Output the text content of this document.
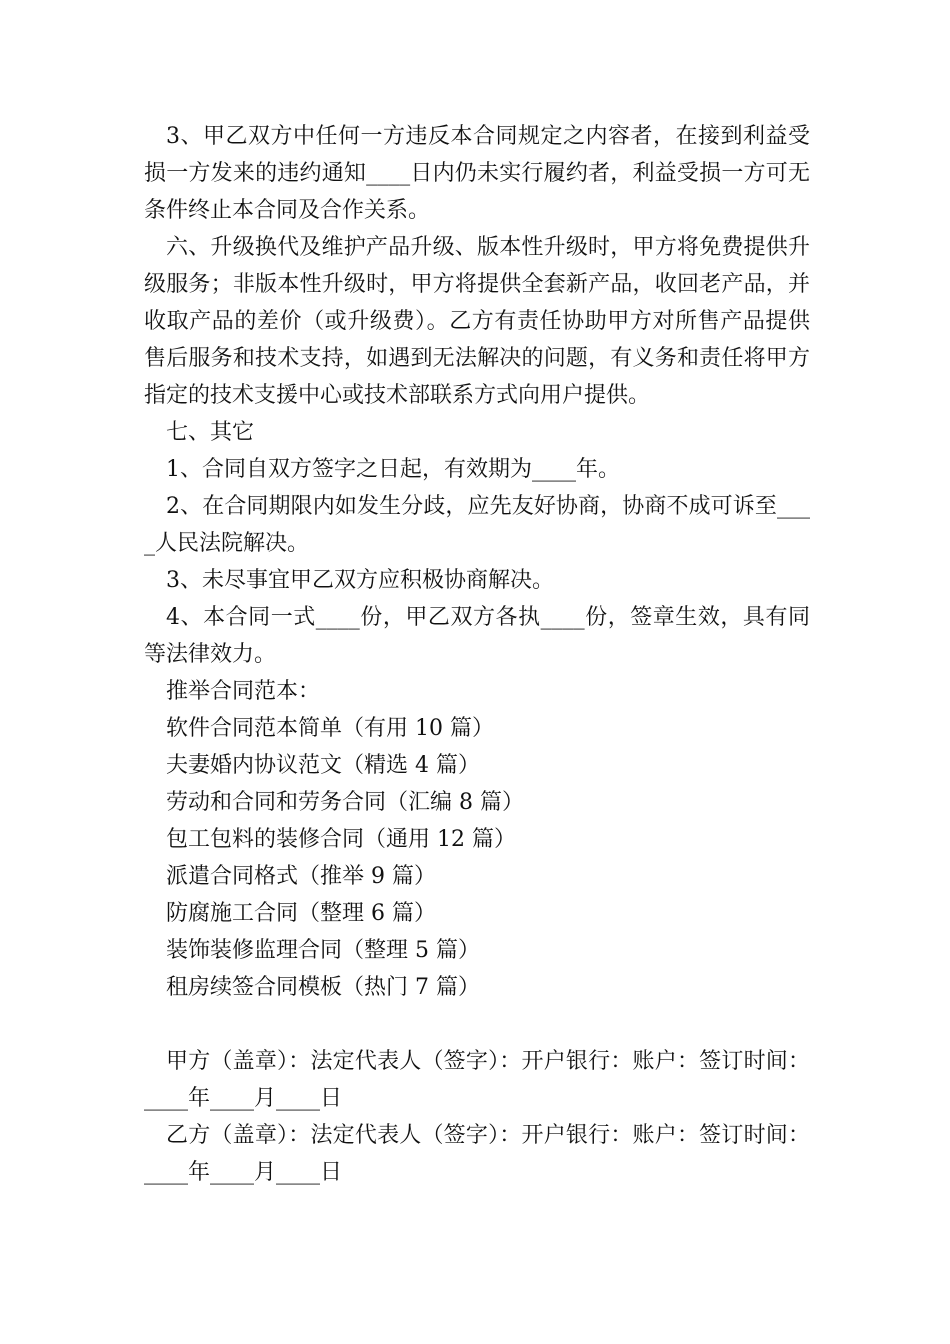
3、甲乙双方中任何一方违反本合同规定之内容者，在接到利益受损一方发来的违约通知____日内仍未实行履约者，利益受损一方可无条件终止本合同及合作关系。

六、升级换代及维护产品升级、版本性升级时，甲方将免费提供升级服务；非版本性升级时，甲方将提供全套新产品，收回老产品，并收取产品的差价（或升级费）。乙方有责任协助甲方对所售产品提供售后服务和技术支持，如遇到无法解决的问题，有义务和责任将甲方指定的技术支援中心或技术部联系方式向用户提供。

七、其它

1、合同自双方签字之日起，有效期为____年。

2、在合同期限内如发生分歧，应先友好协商，协商不成可诉至____人民法院解决。

3、未尽事宜甲乙双方应积极协商解决。

4、本合同一式____份，甲乙双方各执____份，签章生效，具有同等法律效力。

推举合同范本：

软件合同范本简单（有用 10 篇）

夫妻婚内协议范文（精选 4 篇）

劳动和合同和劳务合同（汇编 8 篇）

包工包料的装修合同（通用 12 篇）

派遣合同格式（推举 9 篇）

防腐施工合同（整理 6 篇）

装饰装修监理合同（整理 5 篇）

租房续签合同模板（热门 7 篇）

甲方（盖章）：法定代表人（签字）：开户银行：账户：签订时间：____年____月____日

乙方（盖章）：法定代表人（签字）：开户银行：账户：签订时间：____年____月____日
